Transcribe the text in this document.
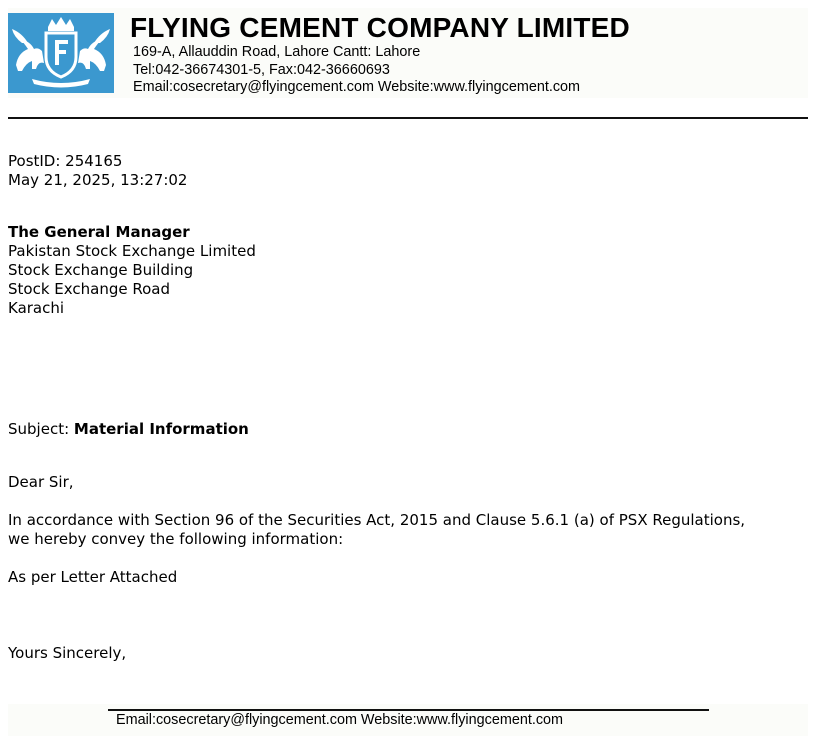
FLYING CEMENT COMPANY LIMITED
169-A, Allauddin Road, Lahore Cantt: Lahore
Tel:042-36674301-5, Fax:042-36660693
Email:cosecretary@flyingcement.com Website:www.flyingcement.com
PostID: 254165
May 21, 2025, 13:27:02
The General Manager
Pakistan Stock Exchange Limited
Stock Exchange Building
Stock Exchange Road
Karachi
Subject: Material Information
Dear Sir,
In accordance with Section 96 of the Securities Act, 2015 and Clause 5.6.1 (a) of PSX Regulations,
we hereby convey the following information:
As per Letter Attached
Yours Sincerely,
Email:cosecretary@flyingcement.com Website:www.flyingcement.com
